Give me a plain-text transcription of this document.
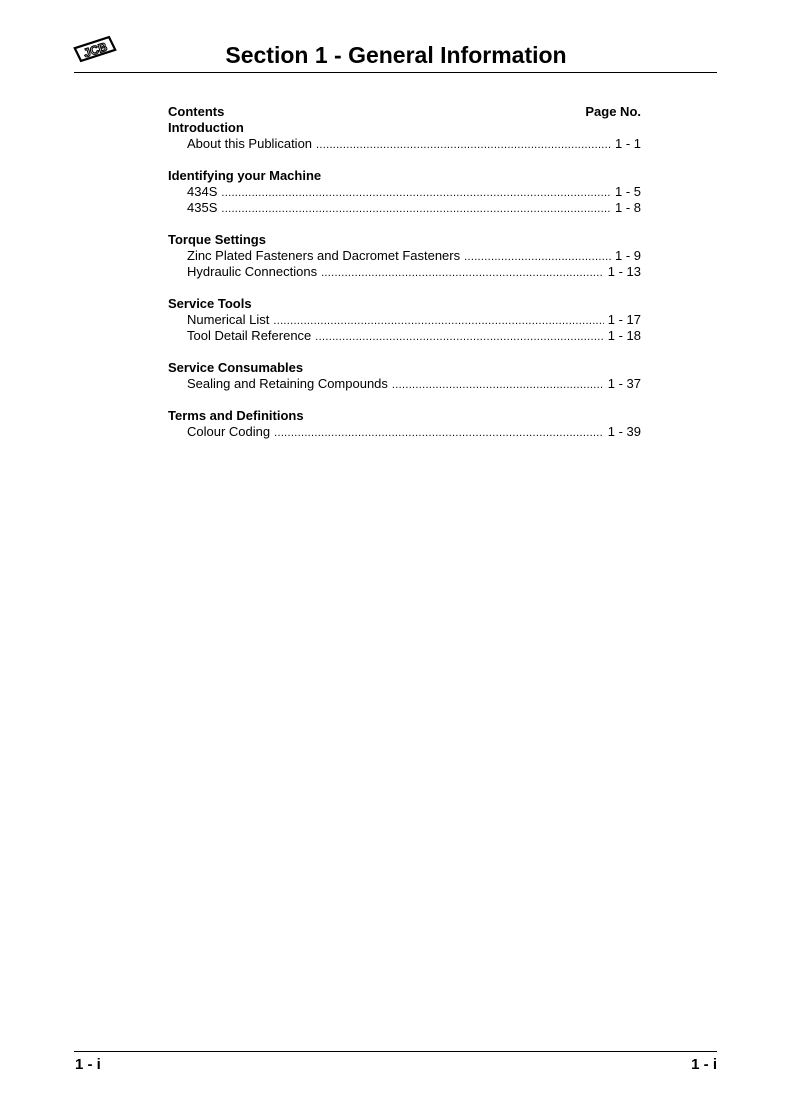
JCB	Section 1 - General Information
Contents	Page No.
Introduction
About this Publication .....	1 - 1
Identifying your Machine
434S .....	1 - 5
435S .....	1 - 8
Torque Settings
Zinc Plated Fasteners and Dacromet Fasteners .....	1 - 9
Hydraulic Connections .....	1 - 13
Service Tools
Numerical List .....	1 - 17
Tool Detail Reference .....	1 - 18
Service Consumables
Sealing and Retaining Compounds .....	1 - 37
Terms and Definitions
Colour Coding .....	1 - 39
1 - i	1 - i
